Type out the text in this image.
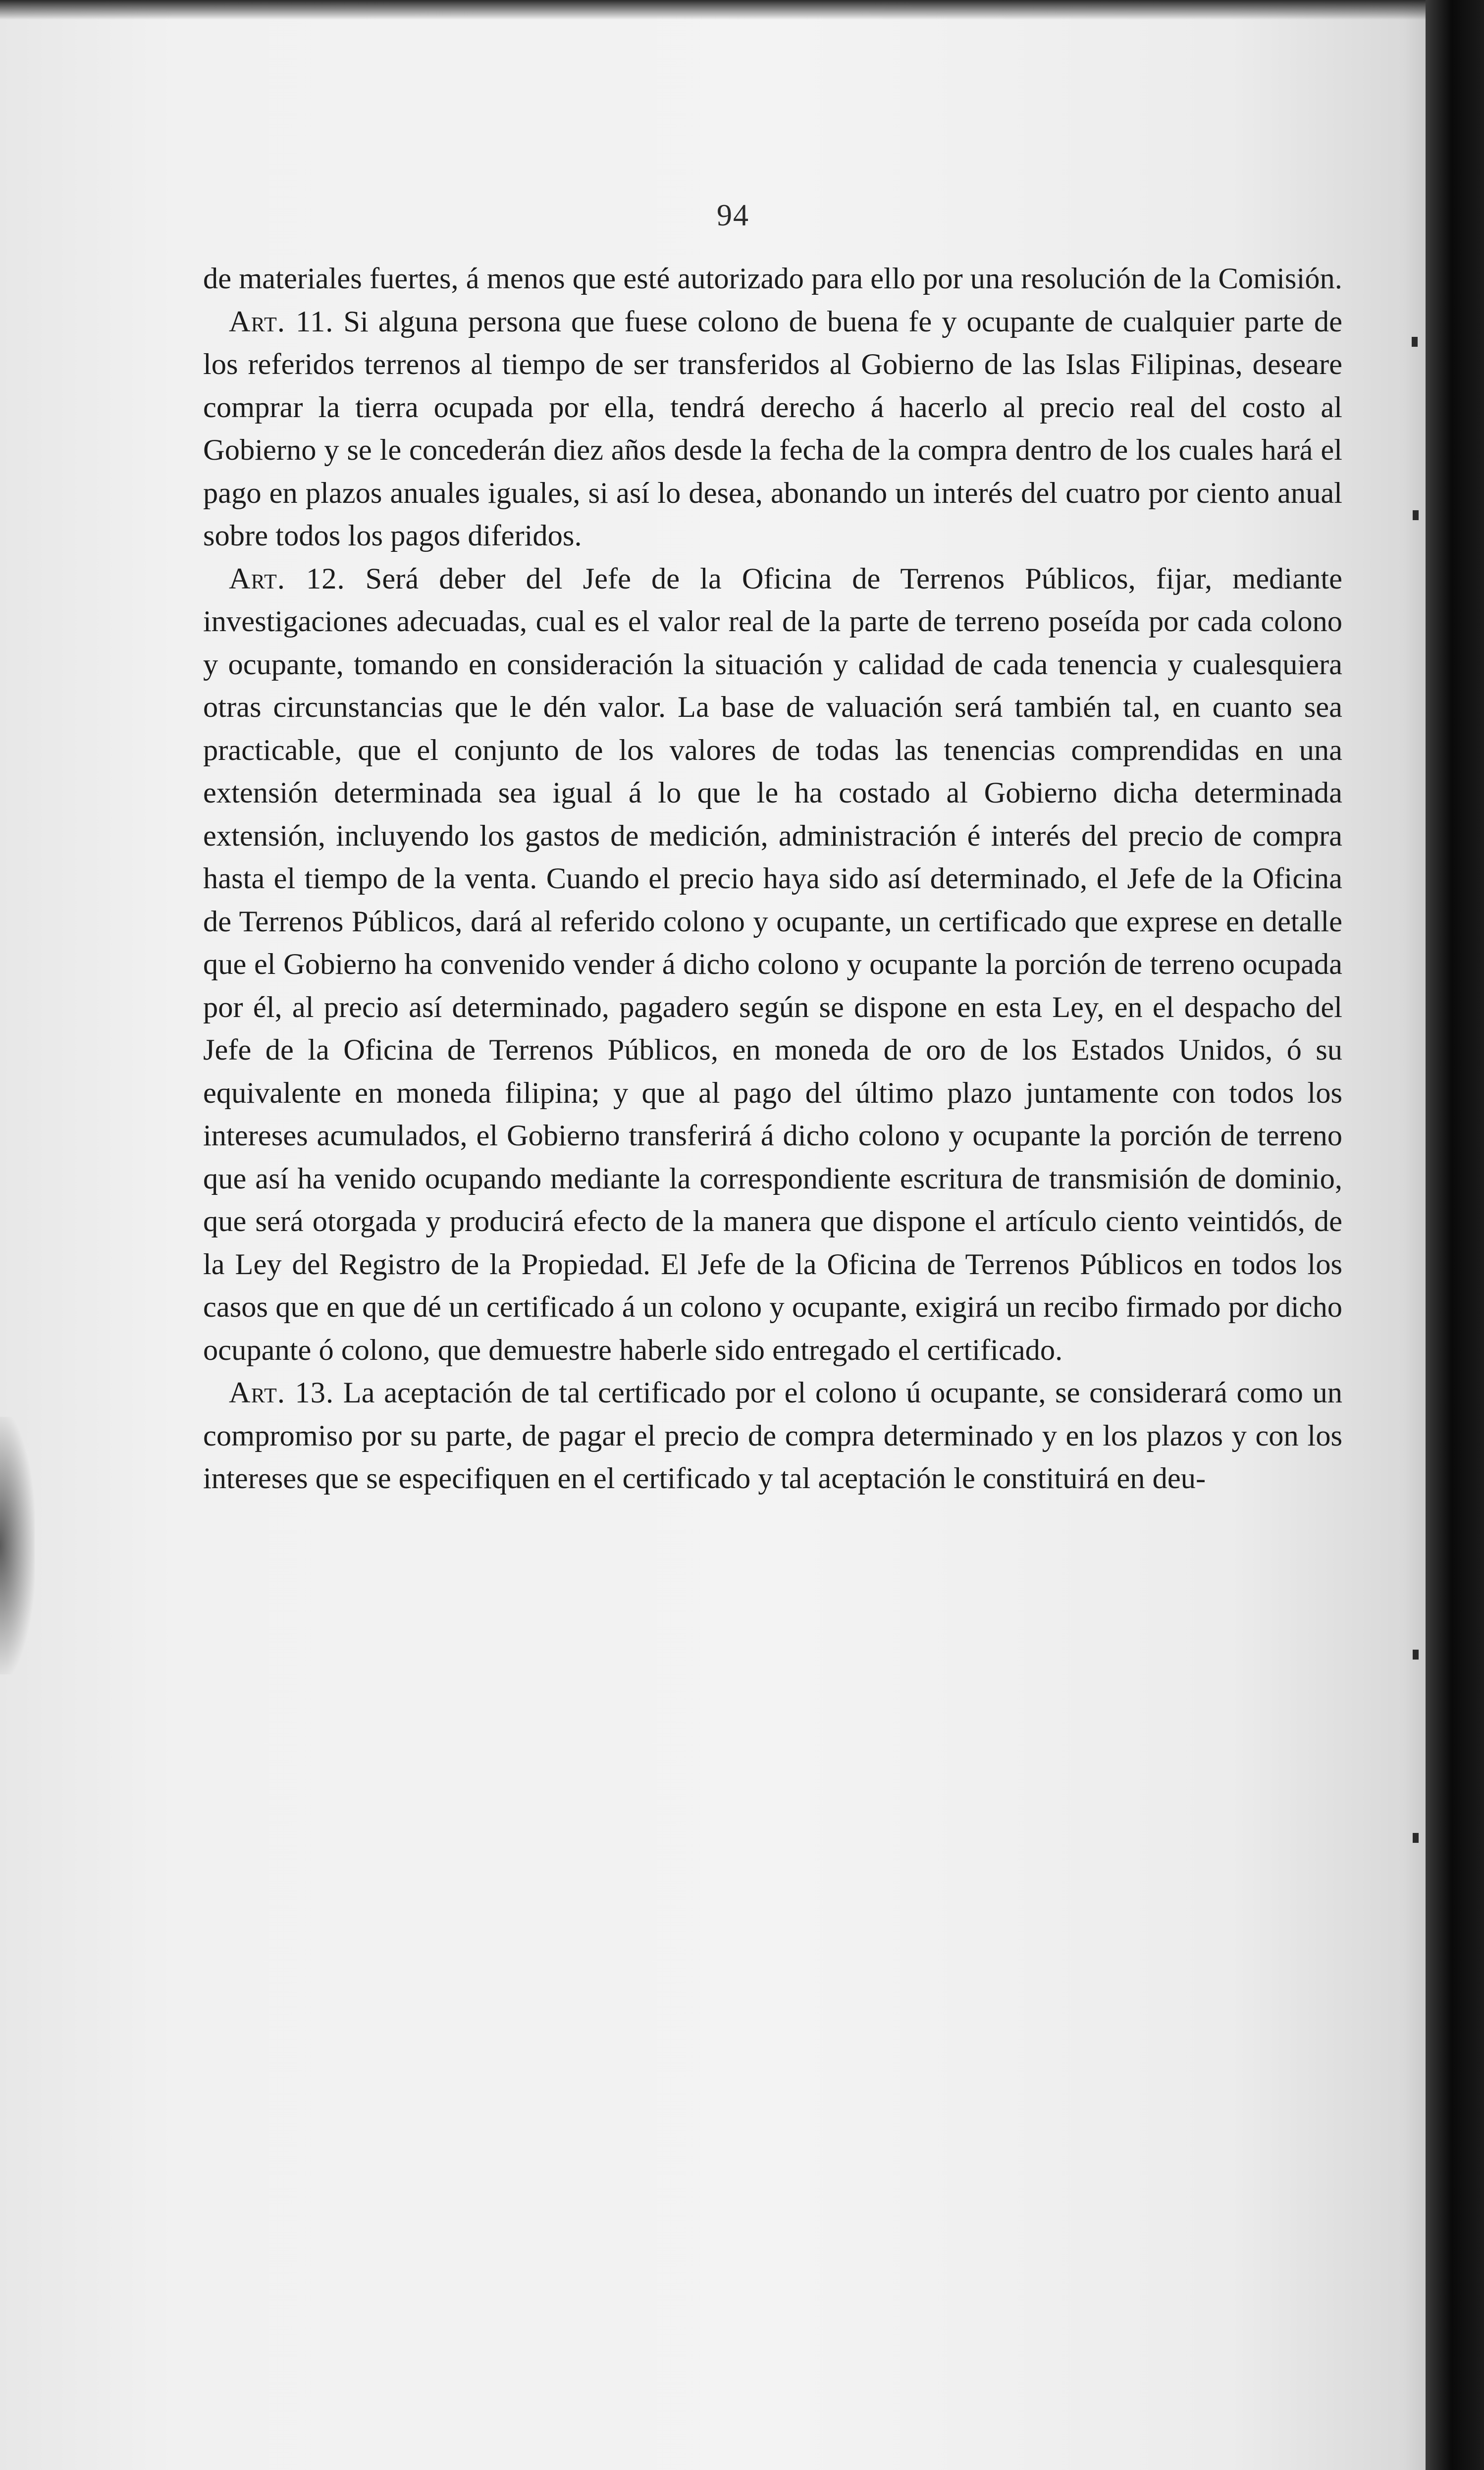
94

de materiales fuertes, á menos que esté autorizado para ello por una resolución de la Comisión.

Art. 11. Si alguna persona que fuese colono de buena fe y ocupante de cualquier parte de los referidos terrenos al tiempo de ser transferidos al Gobierno de las Islas Filipinas, deseare comprar la tierra ocupada por ella, tendrá derecho á hacerlo al precio real del costo al Gobierno y se le concederán diez años desde la fecha de la compra dentro de los cuales hará el pago en plazos anuales iguales, si así lo desea, abonando un interés del cuatro por ciento anual sobre todos los pagos diferidos.

Art. 12. Será deber del Jefe de la Oficina de Terrenos Públicos, fijar, mediante investigaciones adecuadas, cual es el valor real de la parte de terreno poseída por cada colono y ocupante, tomando en consideración la situación y calidad de cada tenencia y cualesquiera otras circunstancias que le dén valor. La base de valuación será también tal, en cuanto sea practicable, que el conjunto de los valores de todas las tenencias comprendidas en una extensión determinada sea igual á lo que le ha costado al Gobierno dicha determinada extensión, incluyendo los gastos de medición, administración é interés del precio de compra hasta el tiempo de la venta. Cuando el precio haya sido así determinado, el Jefe de la Oficina de Terrenos Públicos, dará al referido colono y ocupante, un certificado que exprese en detalle que el Gobierno ha convenido vender á dicho colono y ocupante la porción de terreno ocupada por él, al precio así determinado, pagadero según se dispone en esta Ley, en el despacho del Jefe de la Oficina de Terrenos Públicos, en moneda de oro de los Estados Unidos, ó su equivalente en moneda filipina; y que al pago del último plazo juntamente con todos los intereses acumulados, el Gobierno transferirá á dicho colono y ocupante la porción de terreno que así ha venido ocupando mediante la correspondiente escritura de transmisión de dominio, que será otorgada y producirá efecto de la manera que dispone el artículo ciento veintidós, de la Ley del Registro de la Propiedad. El Jefe de la Oficina de Terrenos Públicos en todos los casos que en que dé un certificado á un colono y ocupante, exigirá un recibo firmado por dicho ocupante ó colono, que demuestre haberle sido entregado el certificado.

Art. 13. La aceptación de tal certificado por el colono ú ocupante, se considerará como un compromiso por su parte, de pagar el precio de compra determinado y en los plazos y con los intereses que se especifiquen en el certificado y tal aceptación le constituirá en deu-
